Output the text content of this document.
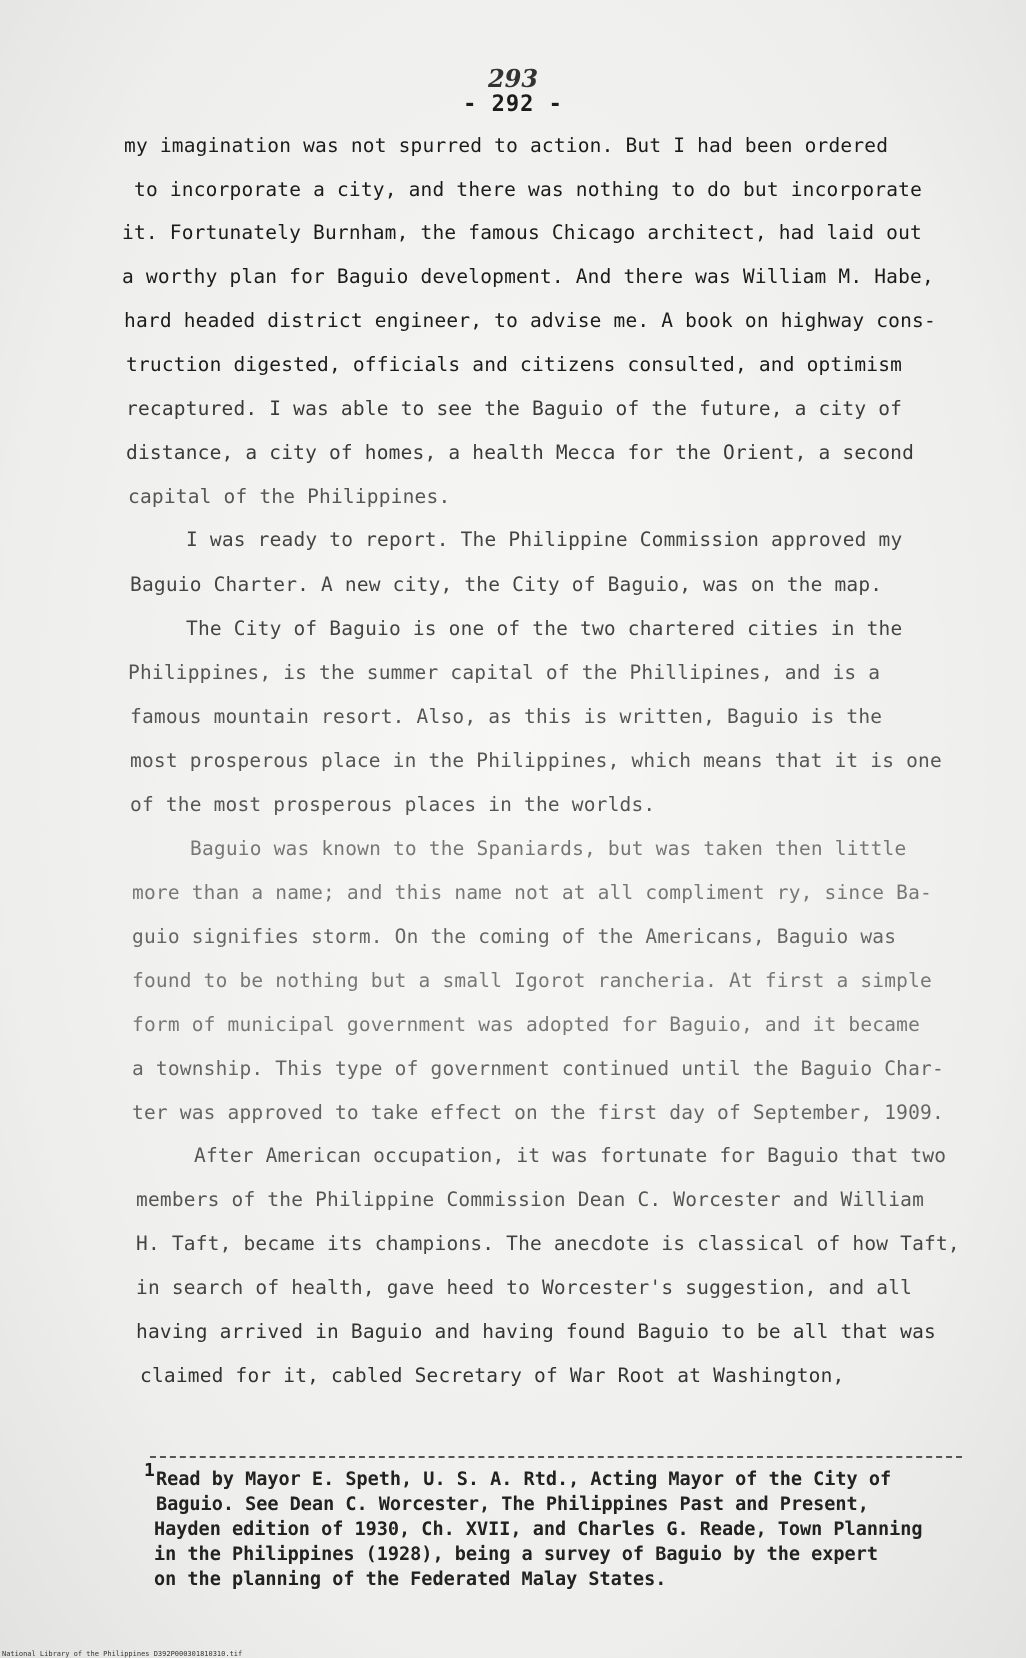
293
- 292 -
my imagination was not spurred to action. But I had been ordered
to incorporate a city, and there was nothing to do but incorporate
it. Fortunately Burnham, the famous Chicago architect, had laid out
a worthy plan for Baguio development. And there was William M. Habe,
hard headed district engineer, to advise me. A book on highway cons-
truction digested, officials and citizens consulted, and optimism
recaptured. I was able to see the Baguio of the future, a city of
distance, a city of homes, a health Mecca for the Orient, a second
capital of the Philippines.
I was ready to report. The Philippine Commission approved my
Baguio Charter. A new city, the City of Baguio, was on the map.
The City of Baguio is one of the two chartered cities in the
Philippines, is the summer capital of the Phillipines, and is a
famous mountain resort. Also, as this is written, Baguio is the
most prosperous place in the Philippines, which means that it is one
of the most prosperous places in the worlds.
Baguio was known to the Spaniards, but was taken then little
more than a name; and this name not at all compliment ry, since Ba-
guio signifies storm. On the coming of the Americans, Baguio was
found to be nothing but a small Igorot rancheria. At first a simple
form of municipal government was adopted for Baguio, and it became
a township. This type of government continued until the Baguio Char-
ter was approved to take effect on the first day of September, 1909.
After American occupation, it was fortunate for Baguio that two
members of the Philippine Commission Dean C. Worcester and William
H. Taft, became its champions. The anecdote is classical of how Taft,
in search of health, gave heed to Worcester's suggestion, and all
having arrived in Baguio and having found Baguio to be all that was
claimed for it, cabled Secretary of War Root at Washington,
1 Read by Mayor E. Speth, U. S. A. Rtd., Acting Mayor of the City of
Baguio. See Dean C. Worcester, The Philippines Past and Present,
Hayden edition of 1930, Ch. XVII, and Charles G. Reade, Town Planning
in the Philippines (1928), being a survey of Baguio by the expert
on the planning of the Federated Malay States.
National Library of the Philippines D392P000301810310.tif
